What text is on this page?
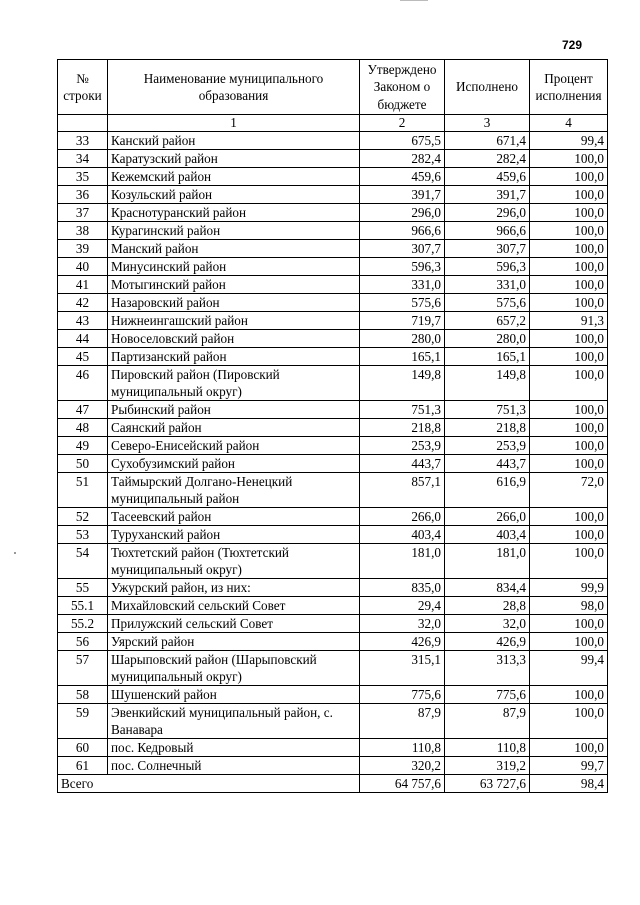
729
№ строки	Наименование муниципального образования	Утверждено Законом о бюджете	Исполнено	Процент исполнения
	1	2	3	4
33	Канский район	675,5	671,4	99,4
34	Каратузский район	282,4	282,4	100,0
35	Кежемский район	459,6	459,6	100,0
36	Козульский район	391,7	391,7	100,0
37	Краснотуранский район	296,0	296,0	100,0
38	Курагинский район	966,6	966,6	100,0
39	Манский район	307,7	307,7	100,0
40	Минусинский район	596,3	596,3	100,0
41	Мотыгинский район	331,0	331,0	100,0
42	Назаровский район	575,6	575,6	100,0
43	Нижнеингашский район	719,7	657,2	91,3
44	Новоселовский район	280,0	280,0	100,0
45	Партизанский район	165,1	165,1	100,0
46	Пировский район (Пировский муниципальный округ)	149,8	149,8	100,0
47	Рыбинский район	751,3	751,3	100,0
48	Саянский район	218,8	218,8	100,0
49	Северо-Енисейский район	253,9	253,9	100,0
50	Сухобузимский район	443,7	443,7	100,0
51	Таймырский Долгано-Ненецкий муниципальный район	857,1	616,9	72,0
52	Тасеевский район	266,0	266,0	100,0
53	Туруханский район	403,4	403,4	100,0
54	Тюхтетский район (Тюхтетский муниципальный округ)	181,0	181,0	100,0
55	Ужурский район, из них:	835,0	834,4	99,9
55.1	Михайловский сельский Совет	29,4	28,8	98,0
55.2	Прилужский сельский Совет	32,0	32,0	100,0
56	Уярский район	426,9	426,9	100,0
57	Шарыповский район (Шарыповский муниципальный округ)	315,1	313,3	99,4
58	Шушенский район	775,6	775,6	100,0
59	Эвенкийский муниципальный район, с. Ванавара	87,9	87,9	100,0
60	пос. Кедровый	110,8	110,8	100,0
61	пос. Солнечный	320,2	319,2	99,7
Всего		64 757,6	63 727,6	98,4
